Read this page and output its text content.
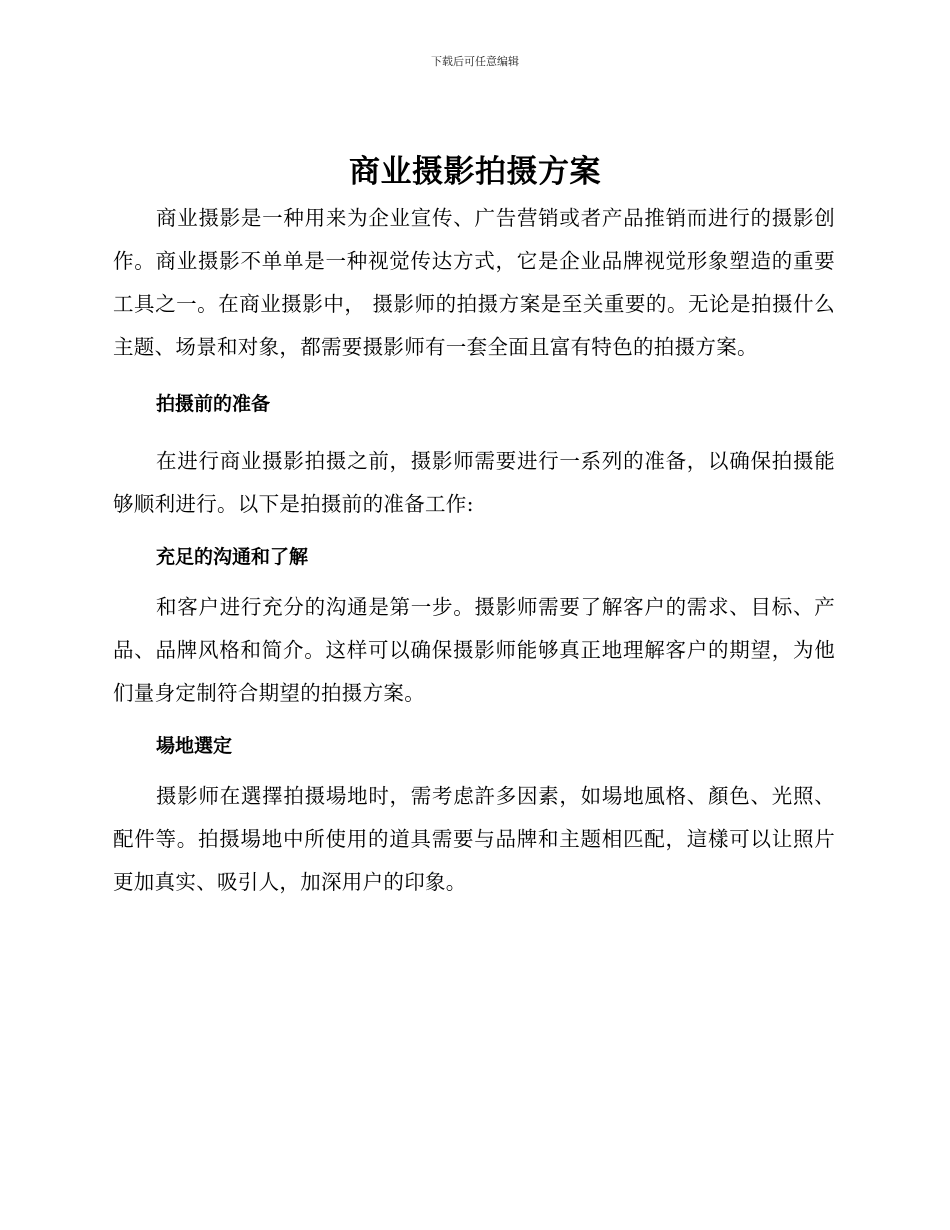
下载后可任意编辑
商业摄影拍摄方案

商业摄影是一种用来为企业宣传、广告营销或者产品推销而进行的摄影创作。商业摄影不单单是一种视觉传达方式，它是企业品牌视觉形象塑造的重要工具之一。在商业摄影中， 摄影师的拍摄方案是至关重要的。无论是拍摄什么主题、场景和对象，都需要摄影师有一套全面且富有特色的拍摄方案。

拍摄前的准备

在进行商业摄影拍摄之前，摄影师需要进行一系列的准备，以确保拍摄能够顺利进行。以下是拍摄前的准备工作:

充足的沟通和了解

和客户进行充分的沟通是第一步。摄影师需要了解客户的需求、目标、产品、品牌风格和简介。这样可以确保摄影师能够真正地理解客户的期望，为他们量身定制符合期望的拍摄方案。

場地選定

摄影师在選擇拍摄場地时，需考虑許多因素，如場地風格、顏色、光照、配件等。拍摄場地中所使用的道具需要与品牌和主题相匹配，這樣可以让照片更加真实、吸引人，加深用户的印象。
